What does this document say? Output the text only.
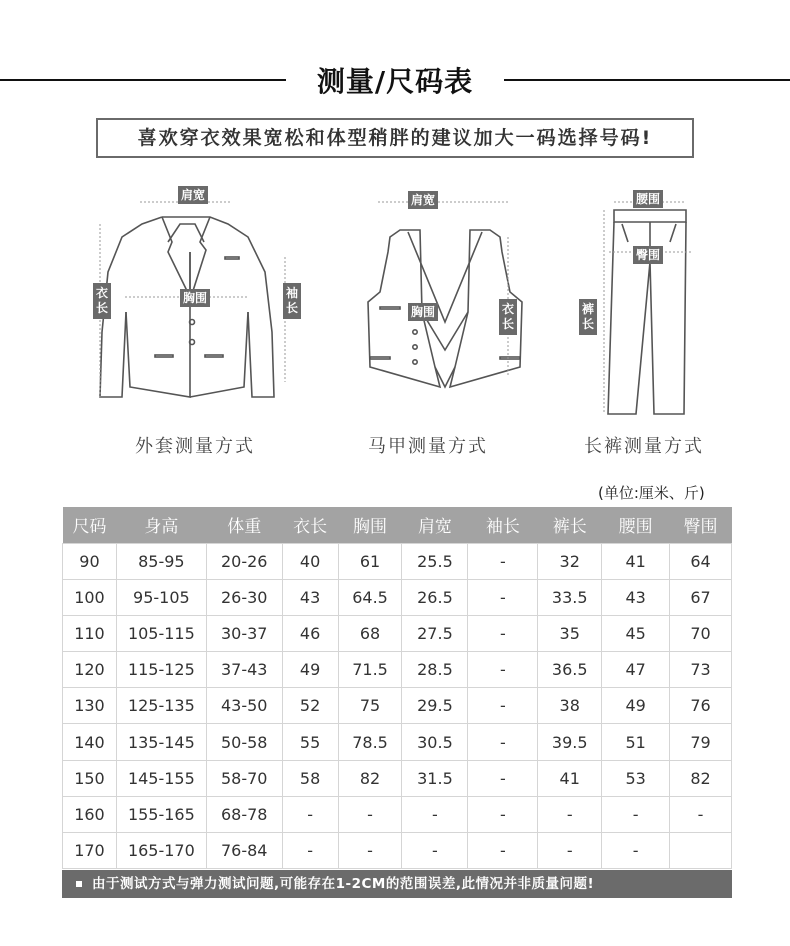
测量/尺码表
喜欢穿衣效果宽松和体型稍胖的建议加大一码选择号码!
肩宽
衣长
袖长
胸围
外套测量方式
肩宽
胸围	衣长
马甲测量方式
腰围
臀围
裤长
长裤测量方式
(单位:厘米、斤)
尺码	身高	体重	衣长	胸围	肩宽	袖长	裤长	腰围	臀围
90	85-95	20-26	40	61	25.5	-	32	41	64
100	95-105	26-30	43	64.5	26.5	-	33.5	43	67
110	105-115	30-37	46	68	27.5	-	35	45	70
120	115-125	37-43	49	71.5	28.5	-	36.5	47	73
130	125-135	43-50	52	75	29.5	-	38	49	76
140	135-145	50-58	55	78.5	30.5	-	39.5	51	79
150	145-155	58-70	58	82	31.5	-	41	53	82
160	155-165	68-78	-	-	-	-	-	-	-
170	165-170	76-84	-	-	-	-	-	-	
由于测试方式与弹力测试问题,可能存在1-2CM的范围误差,此情况并非质量问题!
